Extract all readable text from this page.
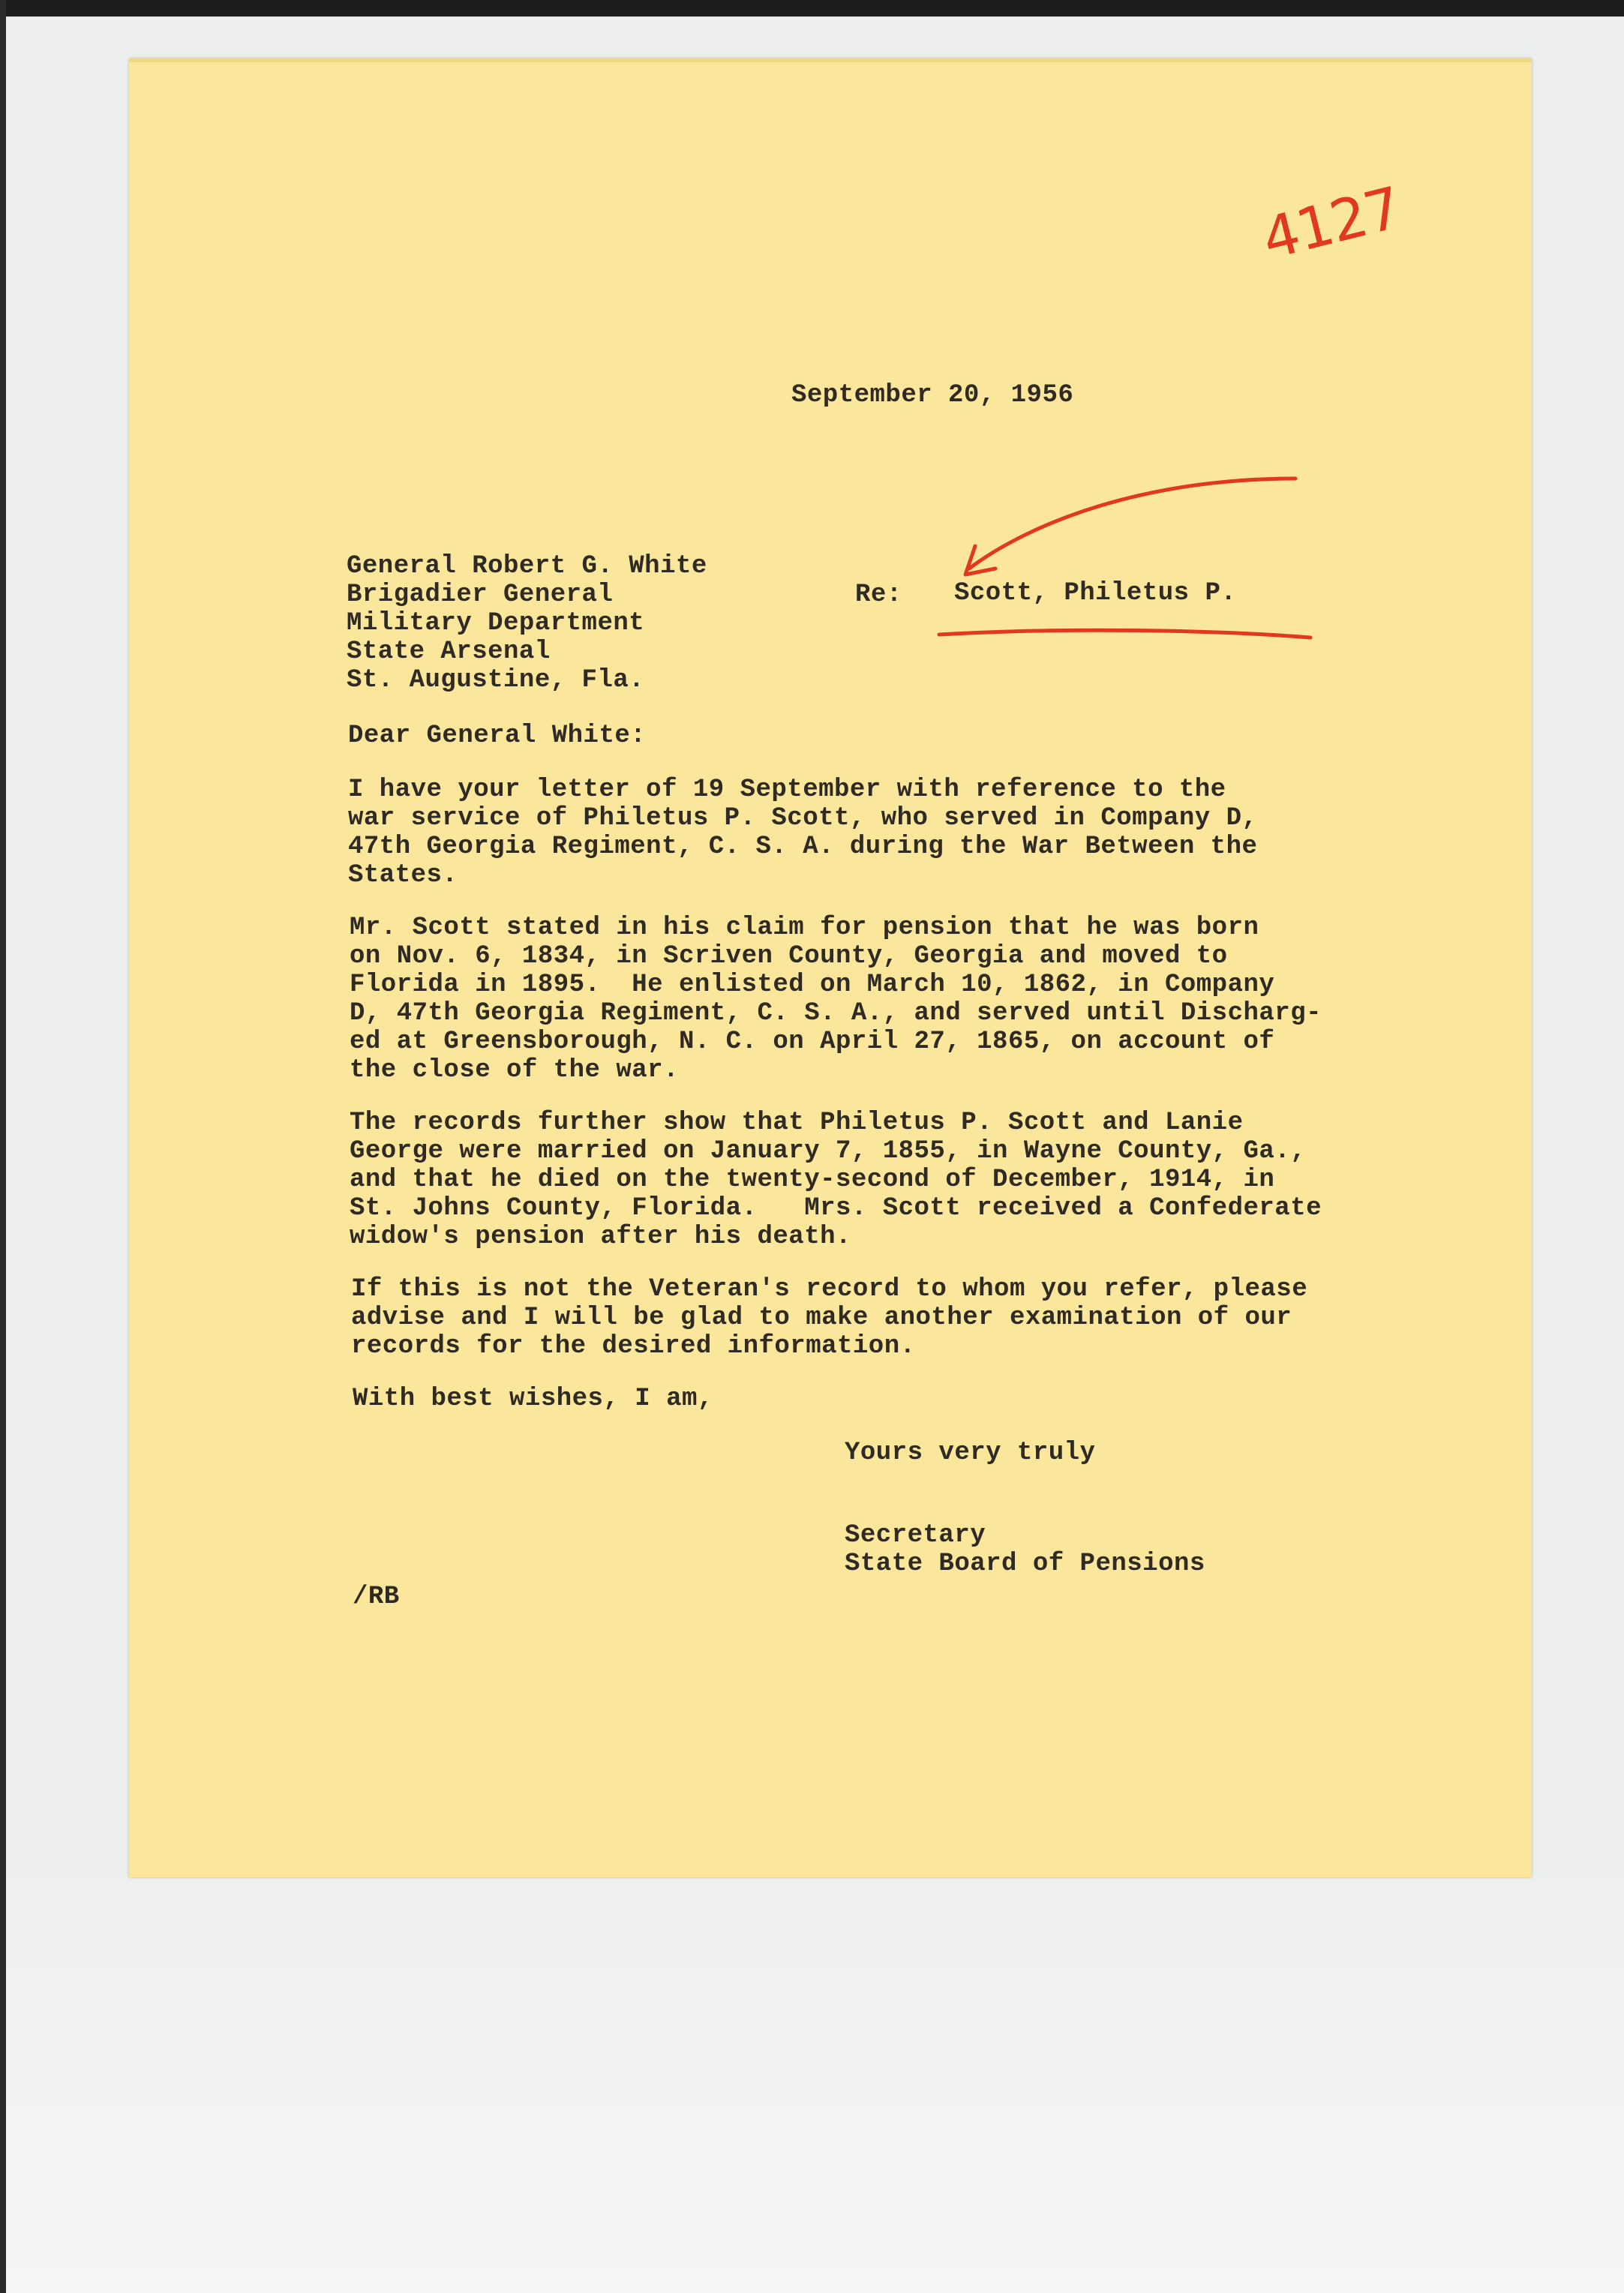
4127
September 20, 1956
General Robert G. White
Brigadier General
Military Department
State Arsenal
St. Augustine, Fla.
Re: Scott, Philetus P.
Dear General White:
I have your letter of 19 September with reference to the
war service of Philetus P. Scott, who served in Company D,
47th Georgia Regiment, C. S. A. during the War Between the
States.
Mr. Scott stated in his claim for pension that he was born
on Nov. 6, 1834, in Scriven County, Georgia and moved to
Florida in 1895.  He enlisted on March 10, 1862, in Company
D, 47th Georgia Regiment, C. S. A., and served until Discharg-
ed at Greensborough, N. C. on April 27, 1865, on account of
the close of the war.
The records further show that Philetus P. Scott and Lanie
George were married on January 7, 1855, in Wayne County, Ga.,
and that he died on the twenty-second of December, 1914, in
St. Johns County, Florida.   Mrs. Scott received a Confederate
widow's pension after his death.
If this is not the Veteran's record to whom you refer, please
advise and I will be glad to make another examination of our
records for the desired information.
With best wishes, I am,
Yours very truly
Secretary
State Board of Pensions
/RB
